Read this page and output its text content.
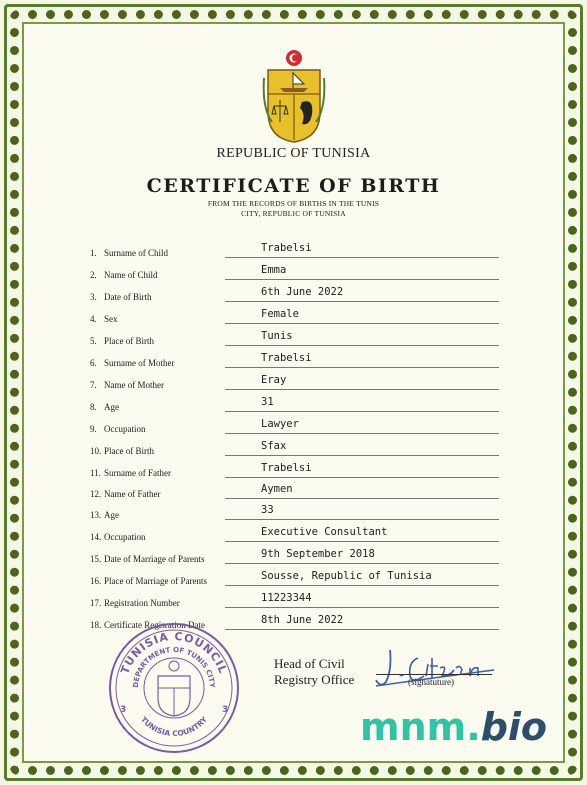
REPUBLIC OF TUNISIA
CERTIFICATE OF BIRTH
FROM THE RECORDS OF BIRTHS IN THE TUNIS
CITY, REPUBLIC OF TUNISIA
1. Surname of Child	Trabelsi
2. Name of Child	Emma
3. Date of Birth	6th June 2022
4. Sex	Female
5. Place of Birth	Tunis
6. Surname of Mother	Trabelsi
7. Name of Mother	Eray
8. Age	31
9. Occupation	Lawyer
10. Place of Birth	Sfax
11. Surname of Father	Trabelsi
12. Name of Father	Aymen
13. Age	33
14. Occupation	Executive Consultant
15. Date of Marriage of Parents	9th September 2018
16. Place of Marriage of Parents	Sousse, Republic of Tunisia
17. Registration Number	11223344
18. Certificate Regisration Date	8th June 2022
TUNISIA COUNCIL
DEPARTMENT OF TUNIS CITY
TUNISIA COUNTRY
3	3
Head of Civil
Registry Office	(signatuture)
mnm.bio
